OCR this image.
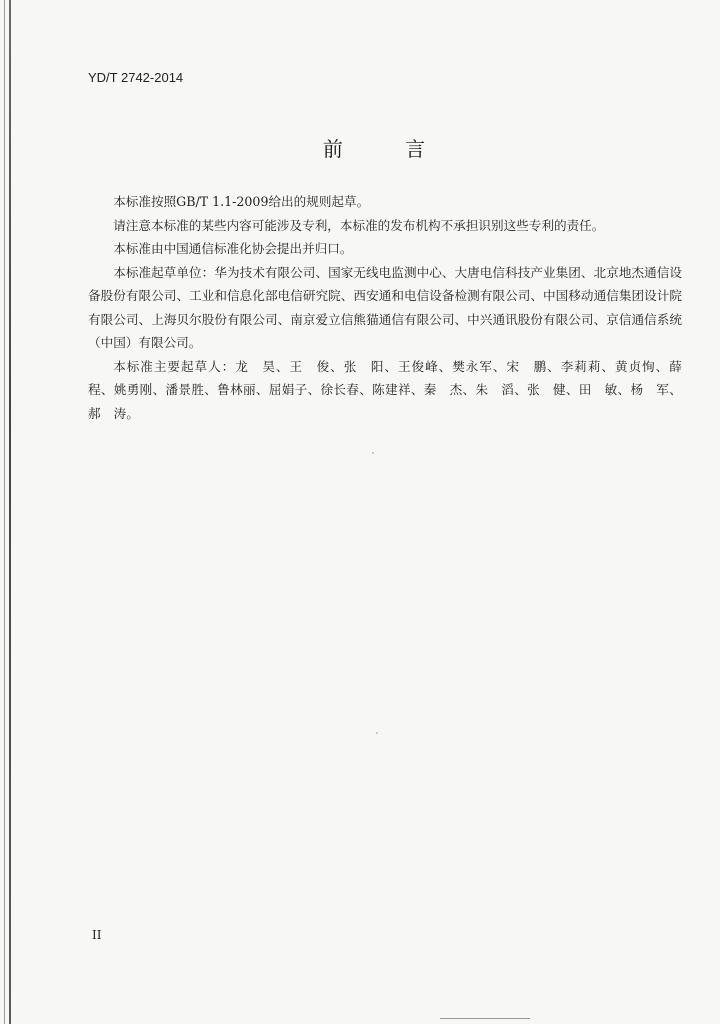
YD/T 2742-2014
前 言

本标准按照GB/T 1.1-2009给出的规则起草。

请注意本标准的某些内容可能涉及专利，本标准的发布机构不承担识别这些专利的责任。

本标准由中国通信标准化协会提出并归口。

本标准起草单位：华为技术有限公司、国家无线电监测中心、大唐电信科技产业集团、北京地杰通信设备股份有限公司、工业和信息化部电信研究院、西安通和电信设备检测有限公司、中国移动通信集团设计院有限公司、上海贝尔股份有限公司、南京爱立信熊猫通信有限公司、中兴通讯股份有限公司、京信通信系统（中国）有限公司。

本标准主要起草人：龙　昊、王　俊、张　阳、王俊峰、樊永军、宋　鹏、李莉莉、黄贞恂、薛　程、姚勇刚、潘景胜、鲁林丽、屈娟子、徐长春、陈建祥、秦　杰、朱　滔、张　健、田　敏、杨　军、郝　涛。

II
